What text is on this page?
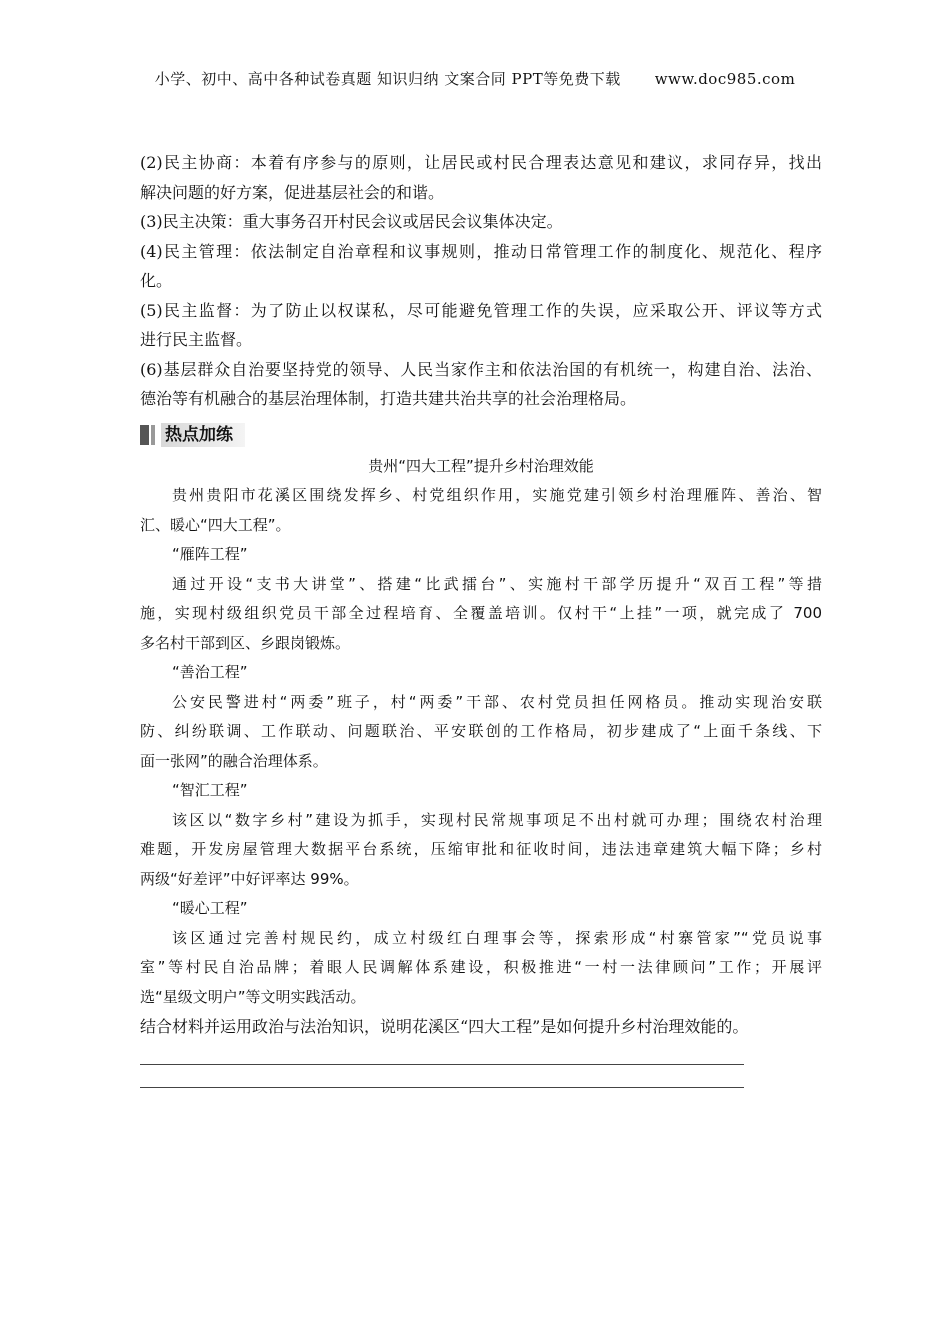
小学、初中、高中各种试卷真题 知识归纳 文案合同 PPT等免费下载 www.doc985.com
(2)民主协商：本着有序参与的原则，让居民或村民合理表达意见和建议，求同存异，找出
解决问题的好方案，促进基层社会的和谐。
(3)民主决策：重大事务召开村民会议或居民会议集体决定。
(4)民主管理：依法制定自治章程和议事规则，推动日常管理工作的制度化、规范化、程序
化。
(5)民主监督：为了防止以权谋私，尽可能避免管理工作的失误，应采取公开、评议等方式
进行民主监督。
(6)基层群众自治要坚持党的领导、人民当家作主和依法治国的有机统一，构建自治、法治、
德治等有机融合的基层治理体制，打造共建共治共享的社会治理格局。
热点加练
贵州“四大工程”提升乡村治理效能
贵州贵阳市花溪区围绕发挥乡、村党组织作用，实施党建引领乡村治理雁阵、善治、智
汇、暖心“四大工程”。
“雁阵工程”
通过开设“支书大讲堂”、搭建“比武擂台”、实施村干部学历提升“双百工程”等措
施，实现村级组织党员干部全过程培育、全覆盖培训。仅村干“上挂”一项，就完成了 700
多名村干部到区、乡跟岗锻炼。
“善治工程”
公安民警进村“两委”班子，村“两委”干部、农村党员担任网格员。推动实现治安联
防、纠纷联调、工作联动、问题联治、平安联创的工作格局，初步建成了“上面千条线、下
面一张网”的融合治理体系。
“智汇工程”
该区以“数字乡村”建设为抓手，实现村民常规事项足不出村就可办理；围绕农村治理
难题，开发房屋管理大数据平台系统，压缩审批和征收时间，违法违章建筑大幅下降；乡村
两级“好差评”中好评率达 99%。
“暖心工程”
该区通过完善村规民约，成立村级红白理事会等，探索形成“村寨管家”“党员说事
室”等村民自治品牌；着眼人民调解体系建设，积极推进“一村一法律顾问”工作；开展评
选“星级文明户”等文明实践活动。
结合材料并运用政治与法治知识，说明花溪区“四大工程”是如何提升乡村治理效能的。
